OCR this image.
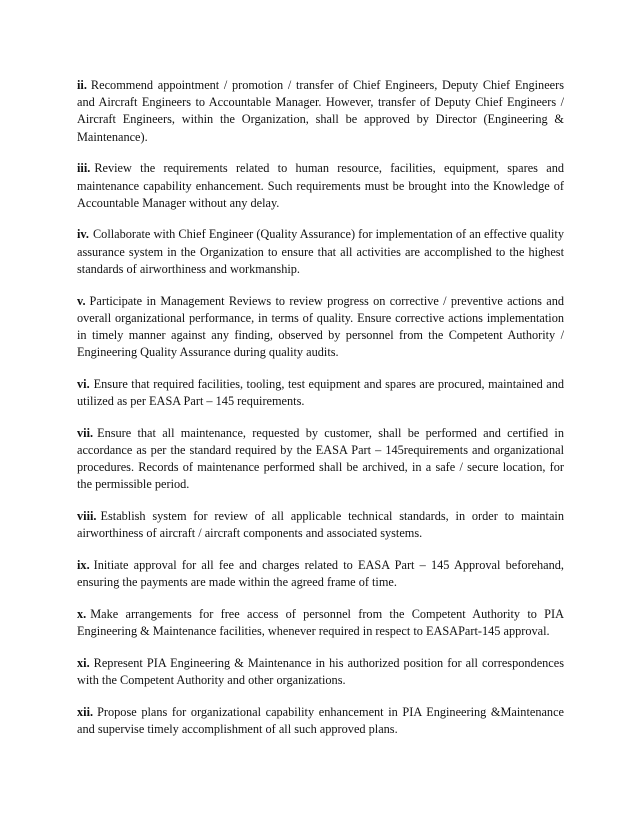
ii. Recommend appointment / promotion / transfer of Chief Engineers, Deputy Chief Engineers and Aircraft Engineers to Accountable Manager. However, transfer of Deputy Chief Engineers / Aircraft Engineers, within the Organization, shall be approved by Director (Engineering & Maintenance).

iii. Review the requirements related to human resource, facilities, equipment, spares and maintenance capability enhancement. Such requirements must be brought into the Knowledge of Accountable Manager without any delay.

iv. Collaborate with Chief Engineer (Quality Assurance) for implementation of an effective quality assurance system in the Organization to ensure that all activities are accomplished to the highest standards of airworthiness and workmanship.

v. Participate in Management Reviews to review progress on corrective / preventive actions and overall organizational performance, in terms of quality. Ensure corrective actions implementation in timely manner against any finding, observed by personnel from the Competent Authority / Engineering Quality Assurance during quality audits.

vi. Ensure that required facilities, tooling, test equipment and spares are procured, maintained and utilized as per EASA Part – 145 requirements.

vii. Ensure that all maintenance, requested by customer, shall be performed and certified in accordance as per the standard required by the EASA Part – 145requirements and organizational procedures. Records of maintenance performed shall be archived, in a safe / secure location, for the permissible period.

viii. Establish system for review of all applicable technical standards, in order to maintain airworthiness of aircraft / aircraft components and associated systems.

ix. Initiate approval for all fee and charges related to EASA Part – 145 Approval beforehand, ensuring the payments are made within the agreed frame of time.

x. Make arrangements for free access of personnel from the Competent Authority to PIA Engineering & Maintenance facilities, whenever required in respect to EASAPart-145 approval.

xi. Represent PIA Engineering & Maintenance in his authorized position for all correspondences with the Competent Authority and other organizations.

xii. Propose plans for organizational capability enhancement in PIA Engineering &Maintenance and supervise timely accomplishment of all such approved plans.
